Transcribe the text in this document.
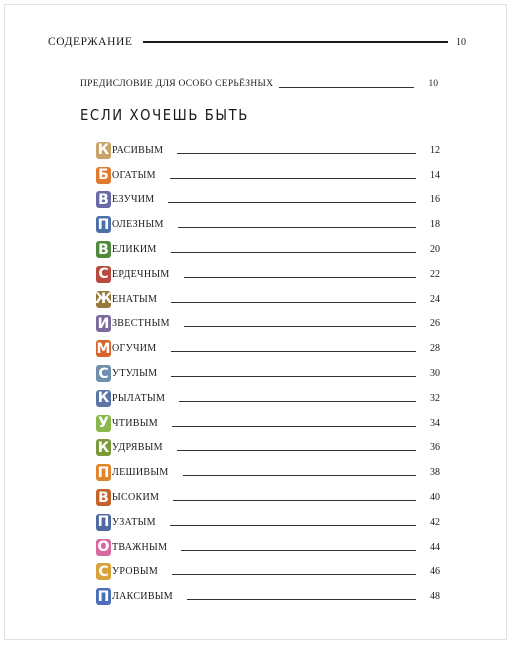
СОДЕРЖАНИЕ	10
ПРЕДИСЛОВИЕ ДЛЯ ОСОБО СЕРЬЁЗНЫХ	10
ЕСЛИ ХОЧЕШЬ БЫТЬ
К РАСИВЫМ	12
Б ОГАТЫМ	14
В ЕЗУЧИМ	16
П ОЛЕЗНЫМ	18
В ЕЛИКИМ	20
С ЕРДЕЧНЫМ	22
Ж ЕНАТЫМ	24
И ЗВЕСТНЫМ	26
М ОГУЧИМ	28
С УТУЛЫМ	30
К РЫЛАТЫМ	32
У ЧТИВЫМ	34
К УДРЯВЫМ	36
П ЛЕШИВЫМ	38
В ЫСОКИМ	40
П УЗАТЫМ	42
О ТВАЖНЫМ	44
С УРОВЫМ	46
П ЛАКСИВЫМ	48
